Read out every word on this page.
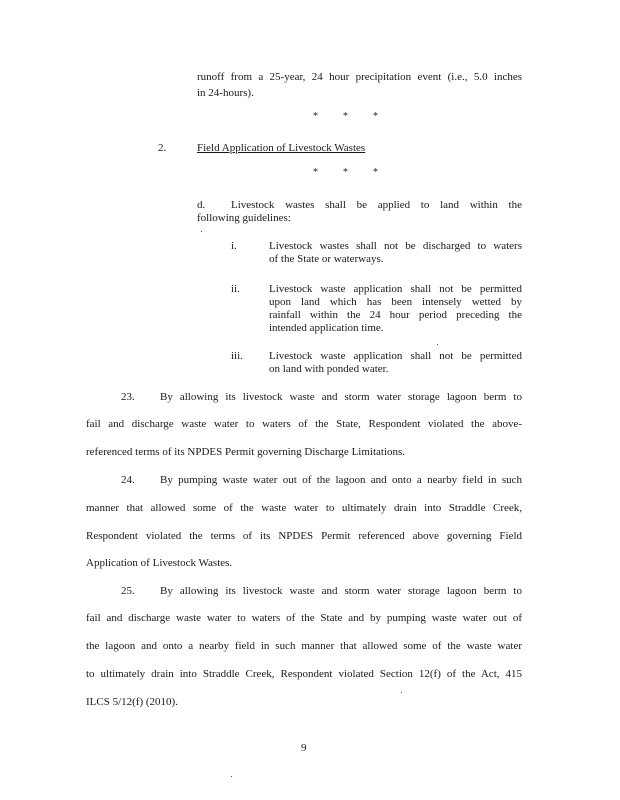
runoff from a 25-year, 24 hour precipitation event (i.e., 5.0 inches
in 24-hours).
*	*	*
2.	Field Application of Livestock Wastes
*	*	*
d. Livestock wastes shall be applied to land within the
following guidelines:
i.	Livestock wastes shall not be discharged to waters
of the State or waterways.
ii.	Livestock waste application shall not be permitted
upon land which has been intensely wetted by
rainfall within the 24 hour period preceding the
intended application time.
iii. Livestock waste application shall not be permitted
on land with ponded water.
23. By allowing its livestock waste and storm water storage lagoon berm to
fail and discharge waste water to waters of the State, Respondent violated the above-
referenced terms of its NPDES Permit governing Discharge Limitations.
24. By pumping waste water out of the lagoon and onto a nearby field in such
manner that allowed some of the waste water to ultimately drain into Straddle Creek,
Respondent violated the terms of its NPDES Permit referenced above governing Field
Application of Livestock Wastes.
25. By allowing its livestock waste and storm water storage lagoon berm to
fail and discharge waste water to waters of the State and by pumping waste water out of
the lagoon and onto a nearby field in such manner that allowed some of the waste water
to ultimately drain into Straddle Creek, Respondent violated Section 12(f) of the Act, 415
ILCS 5/12(f) (2010).
9
